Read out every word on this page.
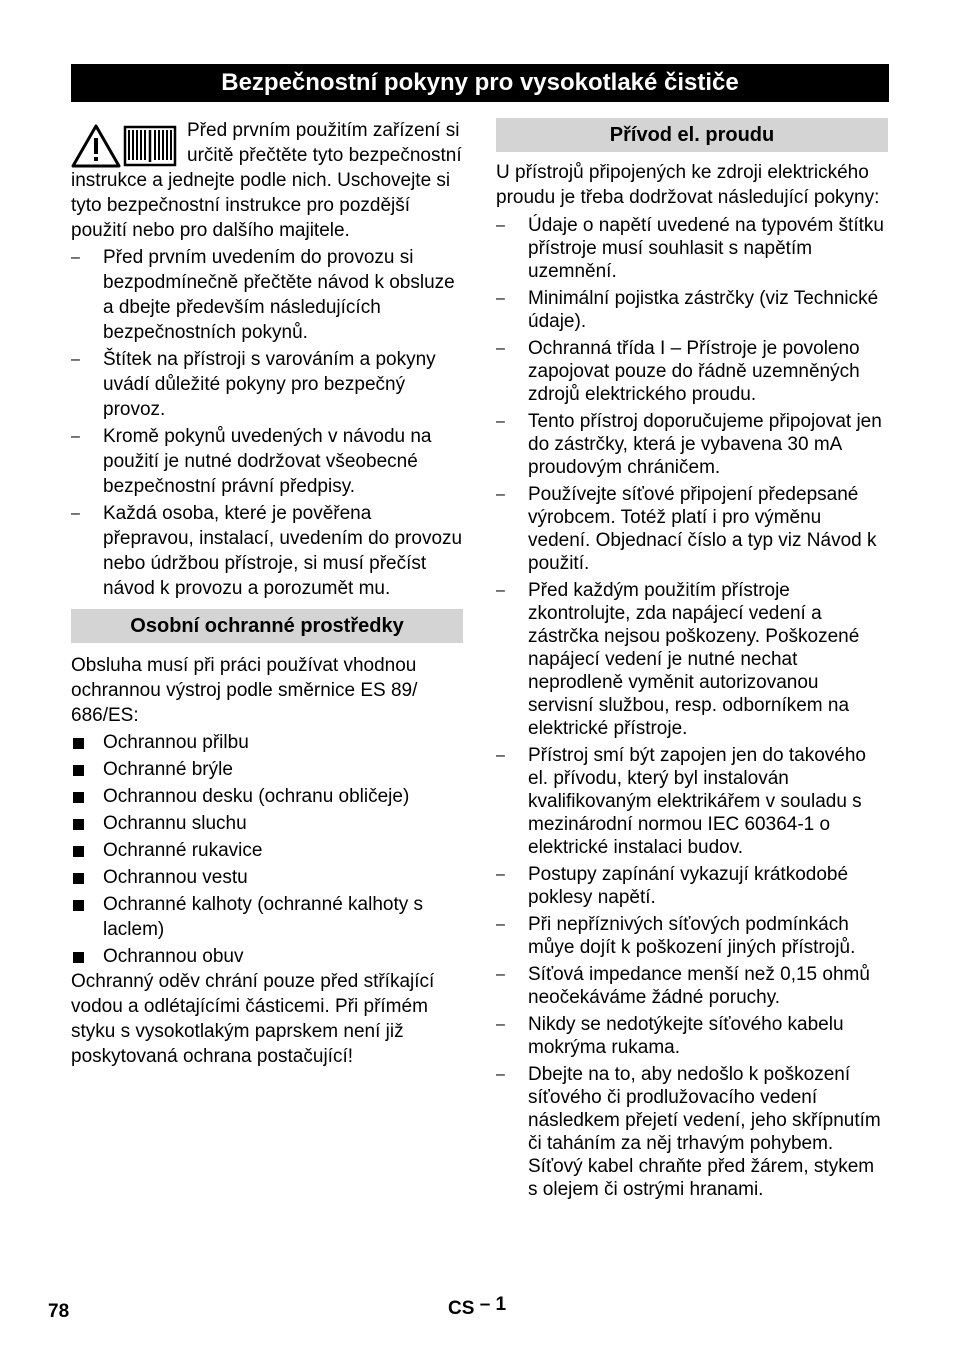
Bezpečnostní pokyny pro vysokotlaké čističe

Před prvním použitím zařízení si určitě přečtěte tyto bezpečnostní instrukce a jednejte podle nich. Uschovejte si tyto bezpečnostní instrukce pro pozdější použití nebo pro dalšího majitele.

– Před prvním uvedením do provozu si bezpodmínečně přečtěte návod k obsluze a dbejte především následujících bezpečnostních pokynů.
– Štítek na přístroji s varováním a pokyny uvádí důležité pokyny pro bezpečný provoz.
– Kromě pokynů uvedených v návodu na použití je nutné dodržovat všeobecné bezpečnostní právní předpisy.
– Každá osoba, které je pověřena přepravou, instalací, uvedením do provozu nebo údržbou přístroje, si musí přečíst návod k provozu a porozumět mu.
Osobní ochranné prostředky

Obsluha musí při práci používat vhodnou ochrannou výstroj podle směrnice ES 89/ 686/ES:

Ochrannou přilbu
Ochranné brýle
Ochrannou desku (ochranu obličeje)
Ochrannu sluchu
Ochranné rukavice
Ochrannou vestu
Ochranné kalhoty (ochranné kalhoty s laclem)
Ochrannou obuv

Ochranný oděv chrání pouze před stříkající vodou a odlétajícími částicemi. Při přímém styku s vysokotlakým paprskem není již poskytovaná ochrana postačující!

Přívod el. proudu

U přístrojů připojených ke zdroji elektrického proudu je třeba dodržovat následující pokyny:

– Údaje o napětí uvedené na typovém štítku přístroje musí souhlasit s napětím uzemnění.
– Minimální pojistka zástrčky (viz Technické údaje).
– Ochranná třída I – Přístroje je povoleno zapojovat pouze do řádně uzemněných zdrojů elektrického proudu.
– Tento přístroj doporučujeme připojovat jen do zástrčky, která je vybavena 30 mA proudovým chráničem.
– Používejte síťové připojení předepsané výrobcem. Totéž platí i pro výměnu vedení. Objednací číslo a typ viz Návod k použití.
– Před každým použitím přístroje zkontrolujte, zda napájecí vedení a zástrčka nejsou poškozeny. Poškozené napájecí vedení je nutné nechat neprodleně vyměnit autorizovanou servisní službou, resp. odborníkem na elektrické přístroje.
– Přístroj smí být zapojen jen do takového el. přívodu, který byl instalován kvalifikovaným elektrikářem v souladu s mezinárodní normou IEC 60364-1 o elektrické instalaci budov.
– Postupy zapínání vykazují krátkodobé poklesy napětí.
– Při nepříznivých síťových podmínkách můye dojít k poškození jiných přístrojů.
– Síťová impedance menší než 0,15 ohmů neočekáváme žádné poruchy.
– Nikdy se nedotýkejte síťového kabelu mokrýma rukama.
– Dbejte na to, aby nedošlo k poškození síťového či prodlužovacího vedení následkem přejetí vedení, jeho skřípnutím či taháním za něj trhavým pohybem. Síťový kabel chraňte před žárem, stykem s olejem či ostrými hranami.
78	CS – 1
